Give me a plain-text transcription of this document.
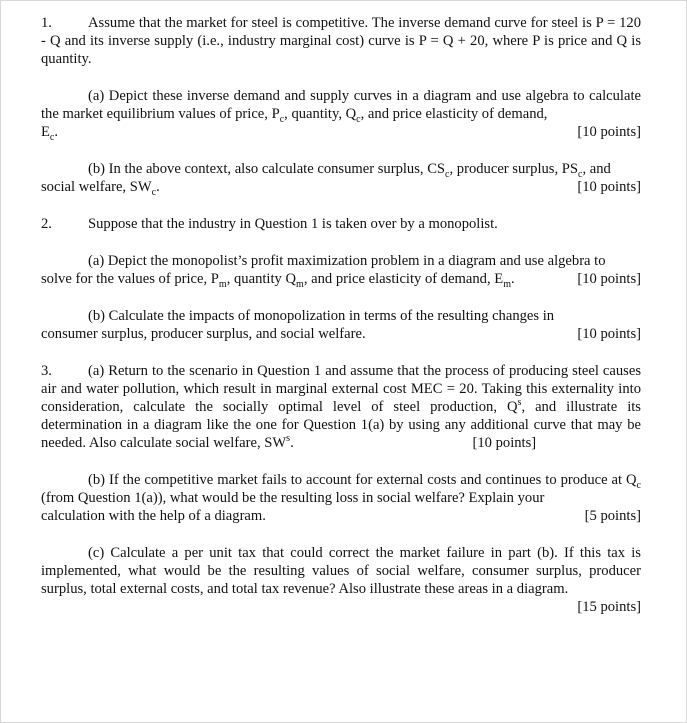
1. Assume that the market for steel is competitive. The inverse demand curve for steel is P = 120 - Q and its inverse supply (i.e., industry marginal cost) curve is P = Q + 20, where P is price and Q is quantity.

(a) Depict these inverse demand and supply curves in a diagram and use algebra to calculate the market equilibrium values of price, $P_c$, quantity, $Q_c$, and price elasticity of demand,

$E_c$.	[10 points]

(b) In the above context, also calculate consumer surplus, $CS_c$, producer surplus, $PS_c$, and

social welfare, $SW_c$.	[10 points]

2. Suppose that the industry in Question 1 is taken over by a monopolist.

(a) Depict the monopolist’s profit maximization problem in a diagram and use algebra to

solve for the values of price, $P_m$, quantity $Q_m$, and price elasticity of demand, $E_m$.	[10 points]

(b) Calculate the impacts of monopolization in terms of the resulting changes in

consumer surplus, producer surplus, and social welfare.	[10 points]

3. (a) Return to the scenario in Question 1 and assume that the process of producing steel causes air and water pollution, which result in marginal external cost MEC = 20. Taking this externality into consideration, calculate the socially optimal level of steel production, $Q^s$, and illustrate its determination in a diagram like the one for Question 1(a) by using any additional curve that may be needed. Also calculate social welfare, $SW^s$.	[10 points]

(b) If the competitive market fails to account for external costs and continues to produce at $Q_c$ (from Question 1(a)), what would be the resulting loss in social welfare? Explain your

calculation with the help of a diagram.	[5 points]

(c) Calculate a per unit tax that could correct the market failure in part (b). If this tax is implemented, what would be the resulting values of social welfare, consumer surplus, producer surplus, total external costs, and total tax revenue? Also illustrate these areas in a diagram.

[15 points]
